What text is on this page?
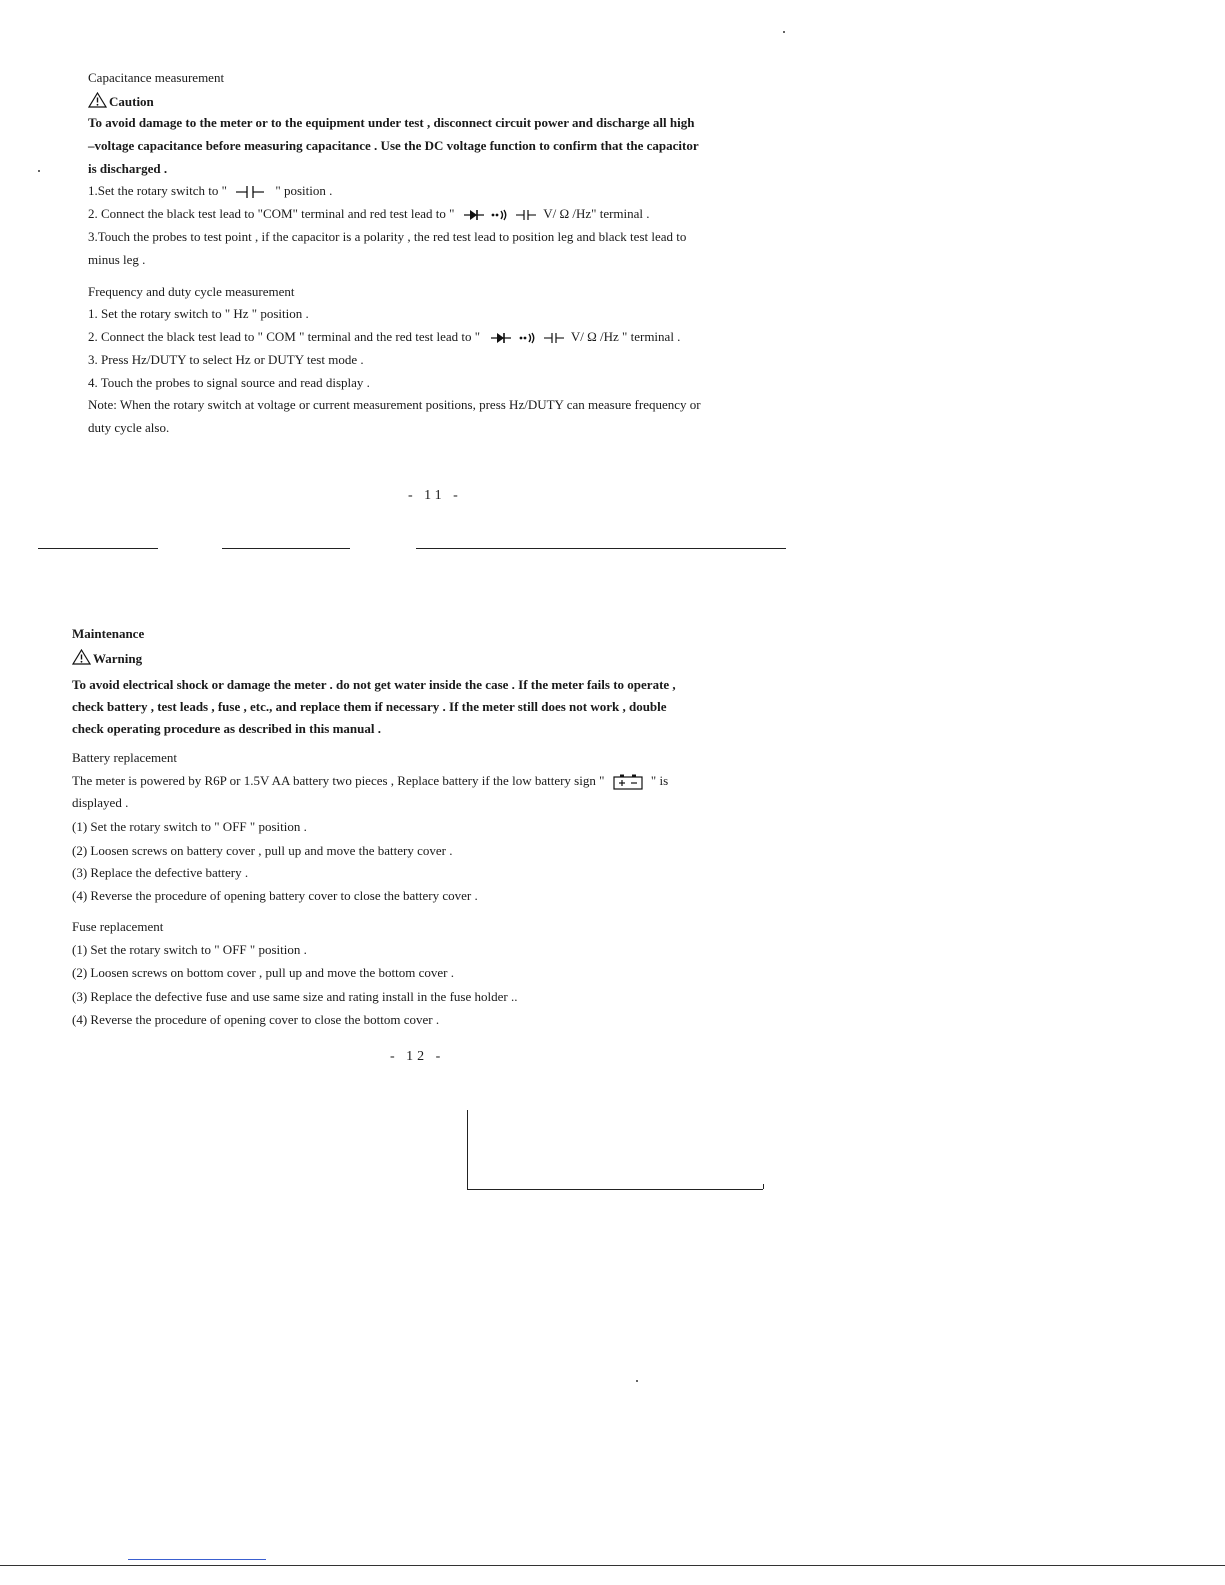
Capacitance measurement
Caution
To avoid damage to the meter or to the equipment under test , disconnect circuit power and discharge all high
–voltage capacitance before measuring capacitance . Use the DC voltage function to confirm that the capacitor
is discharged .
1.Set the rotary switch to "	" position .
2. Connect the black test lead to "COM" terminal and red test lead to "	V/ Ω /Hz" terminal .
3.Touch the probes to test point , if the capacitor is a polarity , the red test lead to position leg and black test lead to
minus leg .
Frequency and duty cycle measurement
1. Set the rotary switch to " Hz " position .
2. Connect the black test lead to " COM " terminal and the red test lead to "	V/ Ω /Hz " terminal .
3. Press Hz/DUTY to select Hz or DUTY test mode .
4. Touch the probes to signal source and read display .
Note: When the rotary switch at voltage or current measurement positions, press Hz/DUTY can measure frequency or
duty cycle also.
- 11 -
Maintenance
Warning
To avoid electrical shock or damage the meter . do not get water inside the case . If the meter fails to operate ,
check battery , test leads , fuse , etc., and replace them if necessary . If the meter still does not work , double
check operating procedure as described in this manual .
Battery replacement
The meter is powered by R6P or 1.5V AA battery two pieces , Replace battery if the low battery sign "	" is
displayed .
(1) Set the rotary switch to " OFF " position .
(2) Loosen screws on battery cover , pull up and move the battery cover .
(3) Replace the defective battery .
(4) Reverse the procedure of opening battery cover to close the battery cover .
Fuse replacement
(1) Set the rotary switch to " OFF " position .
(2) Loosen screws on bottom cover , pull up and move the bottom cover .
(3) Replace the defective fuse and use same size and rating install in the fuse holder ..
(4) Reverse the procedure of opening cover to close the bottom cover .
- 12 -
